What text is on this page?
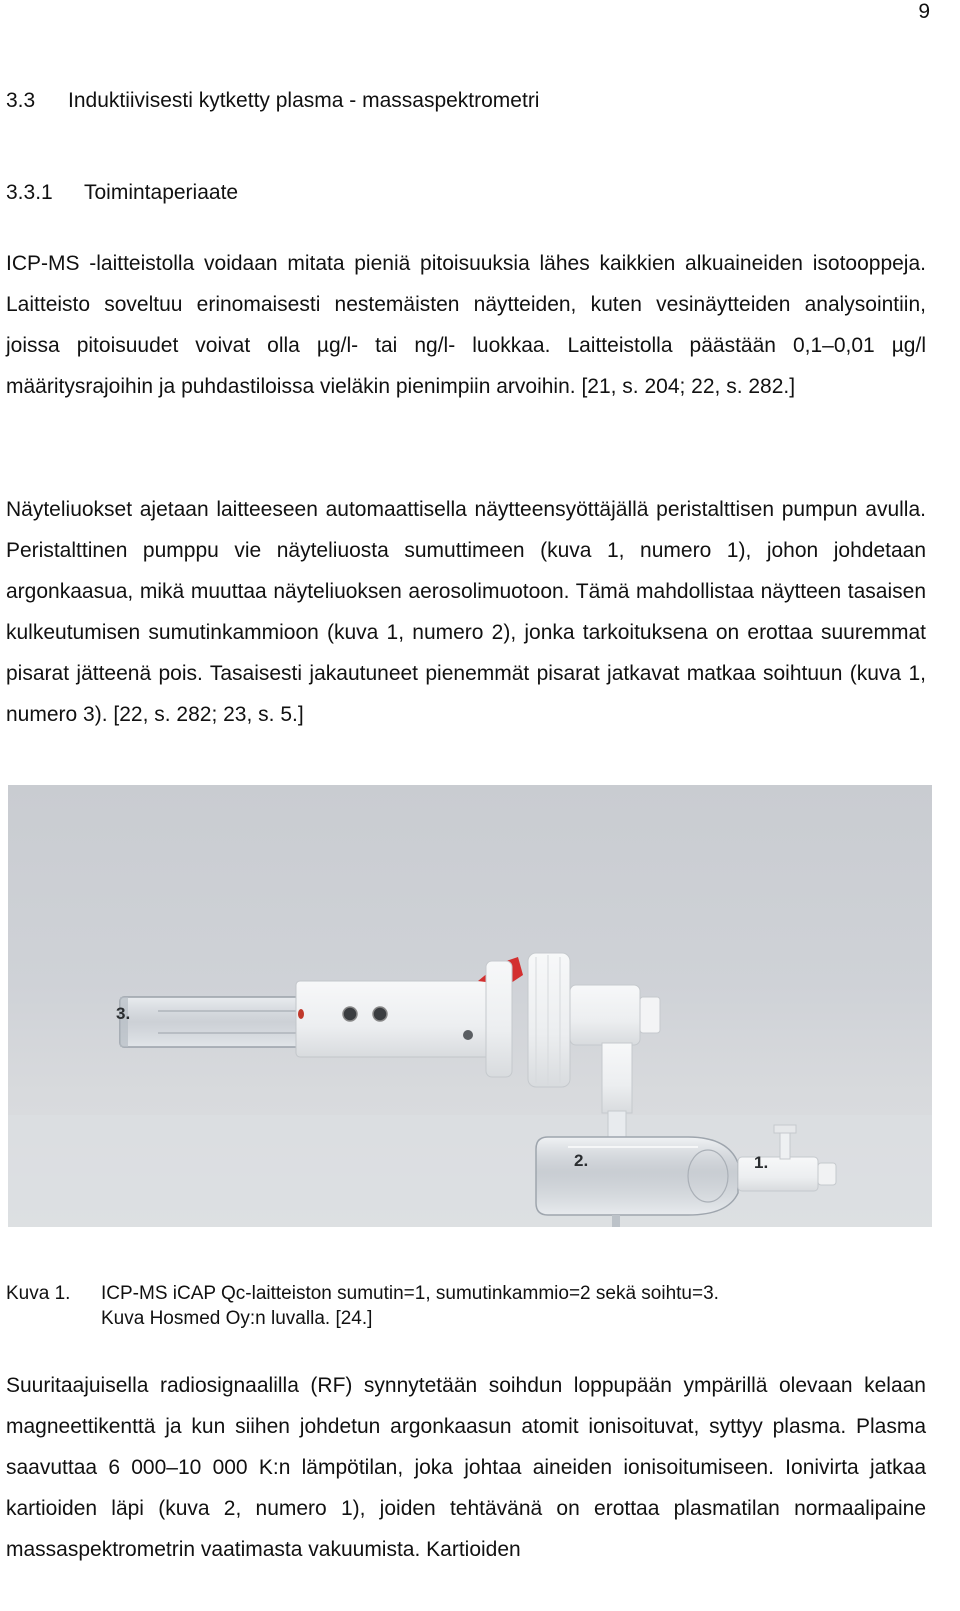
9
3.3 Induktiivisesti kytketty plasma - massaspektrometri
3.3.1 Toimintaperiaate

ICP-MS -laitteistolla voidaan mitata pieniä pitoisuuksia lähes kaikkien alkuaineiden isotooppeja. Laitteisto soveltuu erinomaisesti nestemäisten näytteiden, kuten vesinäytteiden analysointiin, joissa pitoisuudet voivat olla µg/l- tai ng/l- luokkaa. Laitteistolla päästään 0,1–0,01 µg/l määritysrajoihin ja puhdastiloissa vieläkin pienimpiin arvoihin. [21, s. 204; 22, s. 282.]

Näyteliuokset ajetaan laitteeseen automaattisella näytteensyöttäjällä peristalttisen pumpun avulla. Peristalttinen pumppu vie näyteliuosta sumuttimeen (kuva 1, numero 1), johon johdetaan argonkaasua, mikä muuttaa näyteliuoksen aerosolimuotoon. Tämä mahdollistaa näytteen tasaisen kulkeutumisen sumutinkammioon (kuva 1, numero 2), jonka tarkoituksena on erottaa suuremmat pisarat jätteenä pois. Tasaisesti jakautuneet pienemmät pisarat jatkavat matkaa soihtuun (kuva 1, numero 3). [22, s. 282; 23, s. 5.]

3.
2.	1.
Kuva 1. ICP-MS iCAP Qc-laitteiston sumutin=1, sumutinkammio=2 sekä soihtu=3.
Kuva Hosmed Oy:n luvalla. [24.]

Suuritaajuisella radiosignaalilla (RF) synnytetään soihdun loppupään ympärillä olevaan kelaan magneettikenttä ja kun siihen johdetun argonkaasun atomit ionisoituvat, syttyy plasma. Plasma saavuttaa 6 000–10 000 K:n lämpötilan, joka johtaa aineiden ionisoitumiseen. Ionivirta jatkaa kartioiden läpi (kuva 2, numero 1), joiden tehtävänä on erottaa plasmatilan normaalipaine massaspektrometrin vaatimasta vakuumista. Kartioiden
